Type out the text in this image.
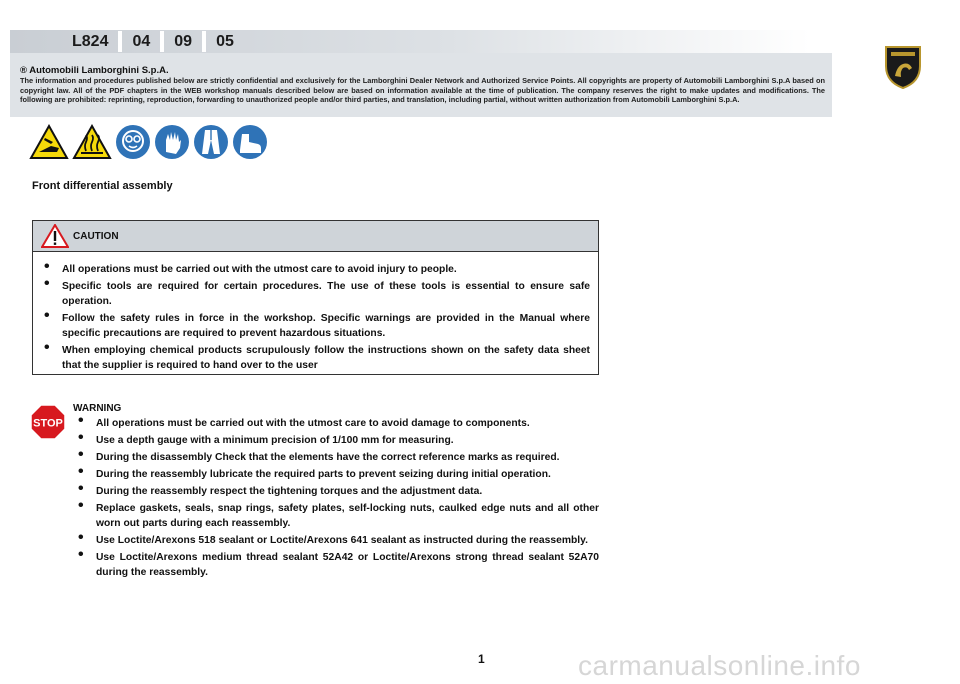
L824	04	09	05
® Automobili Lamborghini S.p.A.

The information and procedures published below are strictly confidential and exclusively for the Lamborghini Dealer Network and Authorized Service Points. All copyrights are property of Automobili Lamborghini S.p.A based on copyright law. All of the PDF chapters in the WEB workshop manuals described below are based on information available at the time of publication. The company reserves the right to make updates and modifications. The following are prohibited: reprinting, reproduction, forwarding to unauthorized people and/or third parties, and translation, including partial, without written authorization from Automobili Lamborghini S.p.A.

Front differential assembly
CAUTION
• All operations must be carried out with the utmost care to avoid injury to people.
• Specific tools are required for certain procedures. The use of these tools is essential to ensure safe operation.
• Follow the safety rules in force in the workshop. Specific warnings are provided in the Manual where specific precautions are required to prevent hazardous situations.
• When employing chemical products scrupulously follow the instructions shown on the safety data sheet that the supplier is required to hand over to the user
STOP
WARNING
• All operations must be carried out with the utmost care to avoid damage to components.
• Use a depth gauge with a minimum precision of 1/100 mm for measuring.
• During the disassembly Check that the elements have the correct reference marks as required.
• During the reassembly lubricate the required parts to prevent seizing during initial operation.
• During the reassembly respect the tightening torques and the adjustment data.
• Replace gaskets, seals, snap rings, safety plates, self-locking nuts, caulked edge nuts and all other worn out parts during each reassembly.
• Use Loctite/Arexons 518 sealant or Loctite/Arexons 641 sealant as instructed during the reassembly.
• Use Loctite/Arexons medium thread sealant 52A42 or Loctite/Arexons strong thread sealant 52A70 during the reassembly.
1	carmanualsonline.info
